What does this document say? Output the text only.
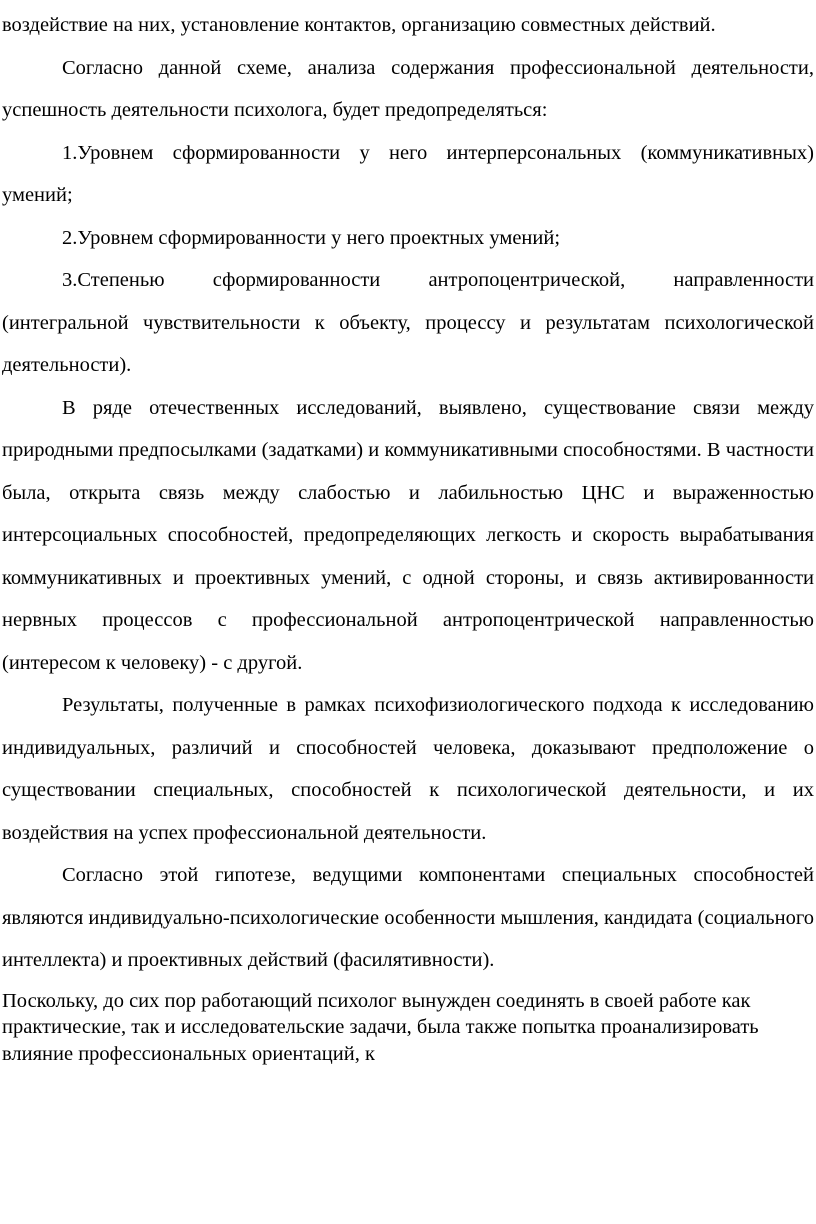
воздействие на них, установление контактов, организацию совместных действий.

Согласно данной схеме, анализа содержания профессиональной деятельности, успешность деятельности психолога, будет предопределяться:

1.Уровнем сформированности у него интерперсональных (коммуникативных) умений;

2.Уровнем сформированности у него проектных умений;

3.Степенью сформированности антропоцентрической, направленности (интегральной чувствительности к объекту, процессу и результатам психологической деятельности).

В ряде отечественных исследований, выявлено, существование связи между природными предпосылками (задатками) и коммуникативными способностями. В частности была, открыта связь между слабостью и лабильностью ЦНС и выраженностью интерсоциальных способностей, предопределяющих легкость и скорость вырабатывания коммуникативных и проективных умений, с одной стороны, и связь активированности нервных процессов с профессиональной антропоцентрической направленностью (интересом к человеку) - с другой.

Результаты, полученные в рамках психофизиологического подхода к исследованию индивидуальных, различий и способностей человека, доказывают предположение о существовании специальных, способностей к психологической деятельности, и их воздействия на успех профессиональной деятельности.

Согласно этой гипотезе, ведущими компонентами специальных способностей являются индивидуально-психологические особенности мышления, кандидата (социального интеллекта) и проективных действий (фасилятивности).

Поскольку, до сих пор работающий психолог вынужден соединять в своей работе как практические, так и исследовательские задачи, была также попытка проанализировать влияние профессиональных ориентаций, к
